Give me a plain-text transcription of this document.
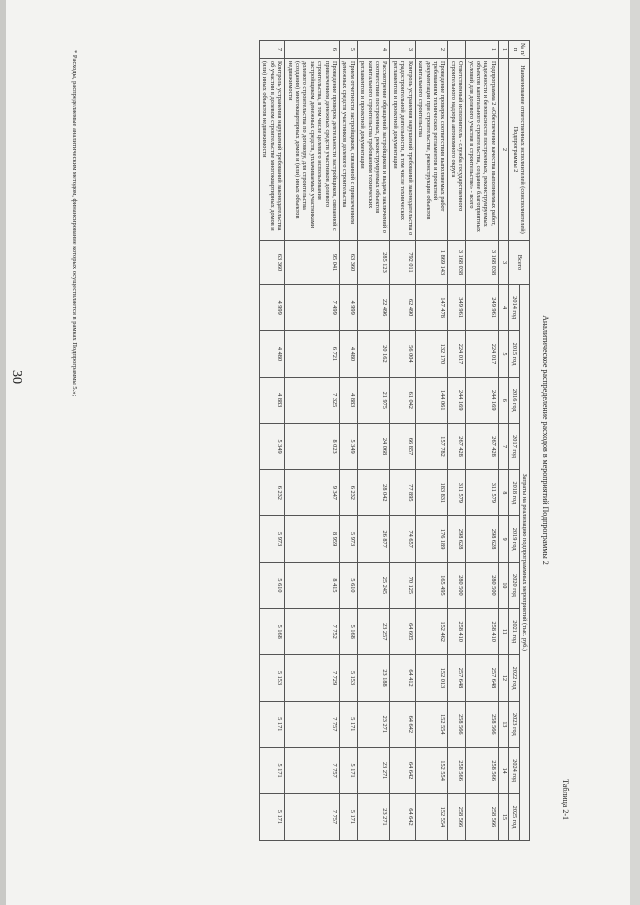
30
Таблица 2-1
Аналитическое распределение расходов в мероприятий Подпрограммы 2
№ п/п	Наименование ответственных исполнителей (соисполнителей) Подпрограммы 2	Всего	Затраты на реализацию подпрограммных мероприятий (тыс. руб.)											
			2014 год	2015 год	2016 год	2017 год	2018 год	2019 год	2020 год	2021 год	2022 год	2023 год	2024 год	2025 год
1	2	3	4	5	6	7	8	9	10	11	12	13	14	15
1	Подпрограмма 2 «Обеспечение качества выполняемых работ, надежности и безопасности построенных, реконструируемых объектов капитального строительства, создание благоприятных условий для долевого участия в строительстве» - всего	3 168 038	249 961	224 017	244 169	267 428	311 579	298 628	280 500	258 410	257 648	258 566	258 566	258 566
	Ответственный исполнитель - служба государственного строительного надзора автономного округа	3 168 038	349 961	224 017	244 169	267 428	311 579	298 628	280 500	258 410	257 648	258 566	258 566	258 566
2	Проведение проверок соответствия выполняемых работ требованиям технических регламентов и проектной документации при строительстве, реконструкции объектов капитального строительства	1 869 143	147 478	132 170	144 061	157 782	183 831	176 189	165 495	152 462	152 013	152 554	152 554	152 554
3	Контроль устранения нарушений требований законодательства о градостроительной деятельности, в том числе технических регламентов и проектной документации	792 011	62 490	56 004	61 042	66 857	77 895	74 657	70 125	64 605	64 412	64 642	64 642	64 642
4	Рассмотрение обращений застройщиков и выдача заключений о соответствии построенных, реконструируемых объектов капитального строительства требованиям технических регламентов и проектной документации	285 123	22 496	20 162	21 975	24 068	28 042	26 877	25 245	23 257	23 188	23 271	23 271	23 271
5	Прием отчетности застройщиков, связанной с привлечением денежных средств участников долевого строительства	63 360	4 999	4 480	4 883	5 349	6 232	5 973	5 610	5 168	5 153	5 171	5 171	5 171
6	Проведение проверок деятельности застройщиков, связанной с привлечением денежных средств участников долевого строительства, в том числе целевого использования застройщиком денежных средств, уплачиваемых участниками долевого строительства по договору, для строительства (создания) многоквартирных домов и (или) иных объектов недвижимости	95 041	7 499	6 721	7 325	8 023	9 347	8 959	8 415	7 752	7 729	7 757	7 757	7 757
7	Контроль устранения нарушений требований законодательства об участии в долевом строительстве многоквартирных домов и (или) иных объектов недвижимости	63 360	4 999	4 480	4 883	5 349	6 232	5 973	5 610	5 168	5 153	5 171	5 171	5 171
* Расходы, распределяемые аналитическим методом, финансирование которых осуществляется в рамках Подпрограммы 5.»;
